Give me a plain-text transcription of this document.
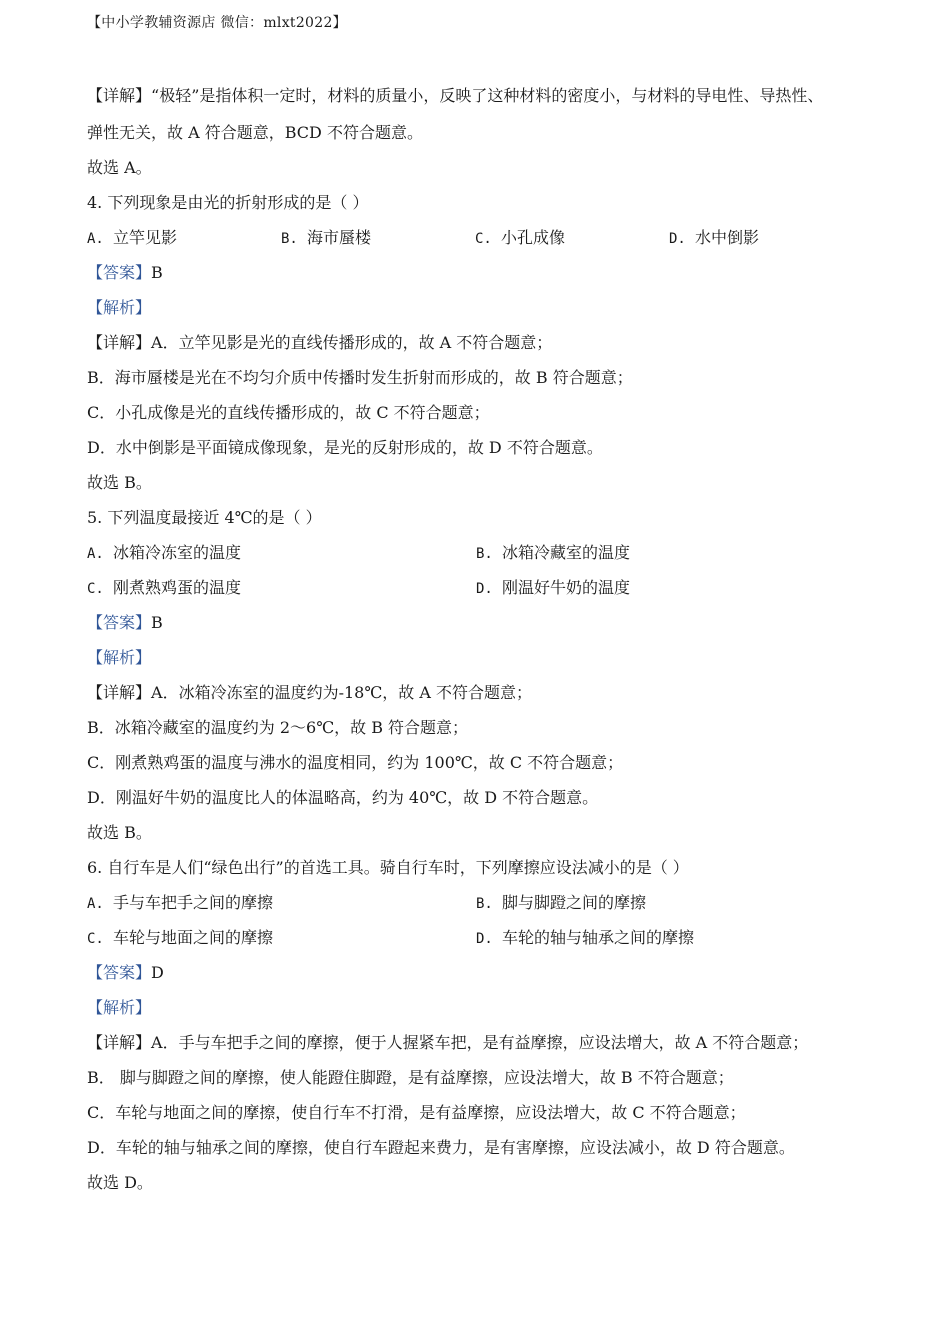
【中小学教辅资源店 微信：mlxt2022】
【详解】“极轻”是指体积一定时，材料的质量小，反映了这种材料的密度小，与材料的导电性、导热性、
弹性无关，故 A 符合题意，BCD 不符合题意。
故选 A。
4. 下列现象是由光的折射形成的是（ ）
A. 立竿见影	B. 海市蜃楼	C. 小孔成像	D. 水中倒影
【答案】B
【解析】
【详解】A．立竿见影是光的直线传播形成的，故 A 不符合题意；
B．海市蜃楼是光在不均匀介质中传播时发生折射而形成的，故 B 符合题意；
C．小孔成像是光的直线传播形成的，故 C 不符合题意；
D．水中倒影是平面镜成像现象，是光的反射形成的，故 D 不符合题意。
故选 B。
5. 下列温度最接近 4℃的是（ ）
A. 冰箱冷冻室的温度	B. 冰箱冷藏室的温度
C. 刚煮熟鸡蛋的温度	D. 刚温好牛奶的温度
【答案】B
【解析】
【详解】A．冰箱冷冻室的温度约为-18℃，故 A 不符合题意；
B．冰箱冷藏室的温度约为 2～6℃，故 B 符合题意；
C．刚煮熟鸡蛋的温度与沸水的温度相同，约为 100℃，故 C 不符合题意；
D．刚温好牛奶的温度比人的体温略高，约为 40℃，故 D 不符合题意。
故选 B。
6. 自行车是人们“绿色出行”的首选工具。骑自行车时，下列摩擦应设法减小的是（ ）
A. 手与车把手之间的摩擦	B. 脚与脚蹬之间的摩擦
C. 车轮与地面之间的摩擦	D. 车轮的轴与轴承之间的摩擦
【答案】D
【解析】
【详解】A．手与车把手之间的摩擦，便于人握紧车把，是有益摩擦，应设法增大，故 A 不符合题意；
B． 脚与脚蹬之间的摩擦，使人能蹬住脚蹬，是有益摩擦，应设法增大，故 B 不符合题意；
C．车轮与地面之间的摩擦，使自行车不打滑，是有益摩擦，应设法增大，故 C 不符合题意；
D．车轮的轴与轴承之间的摩擦，使自行车蹬起来费力，是有害摩擦，应设法减小，故 D 符合题意。
故选 D。
